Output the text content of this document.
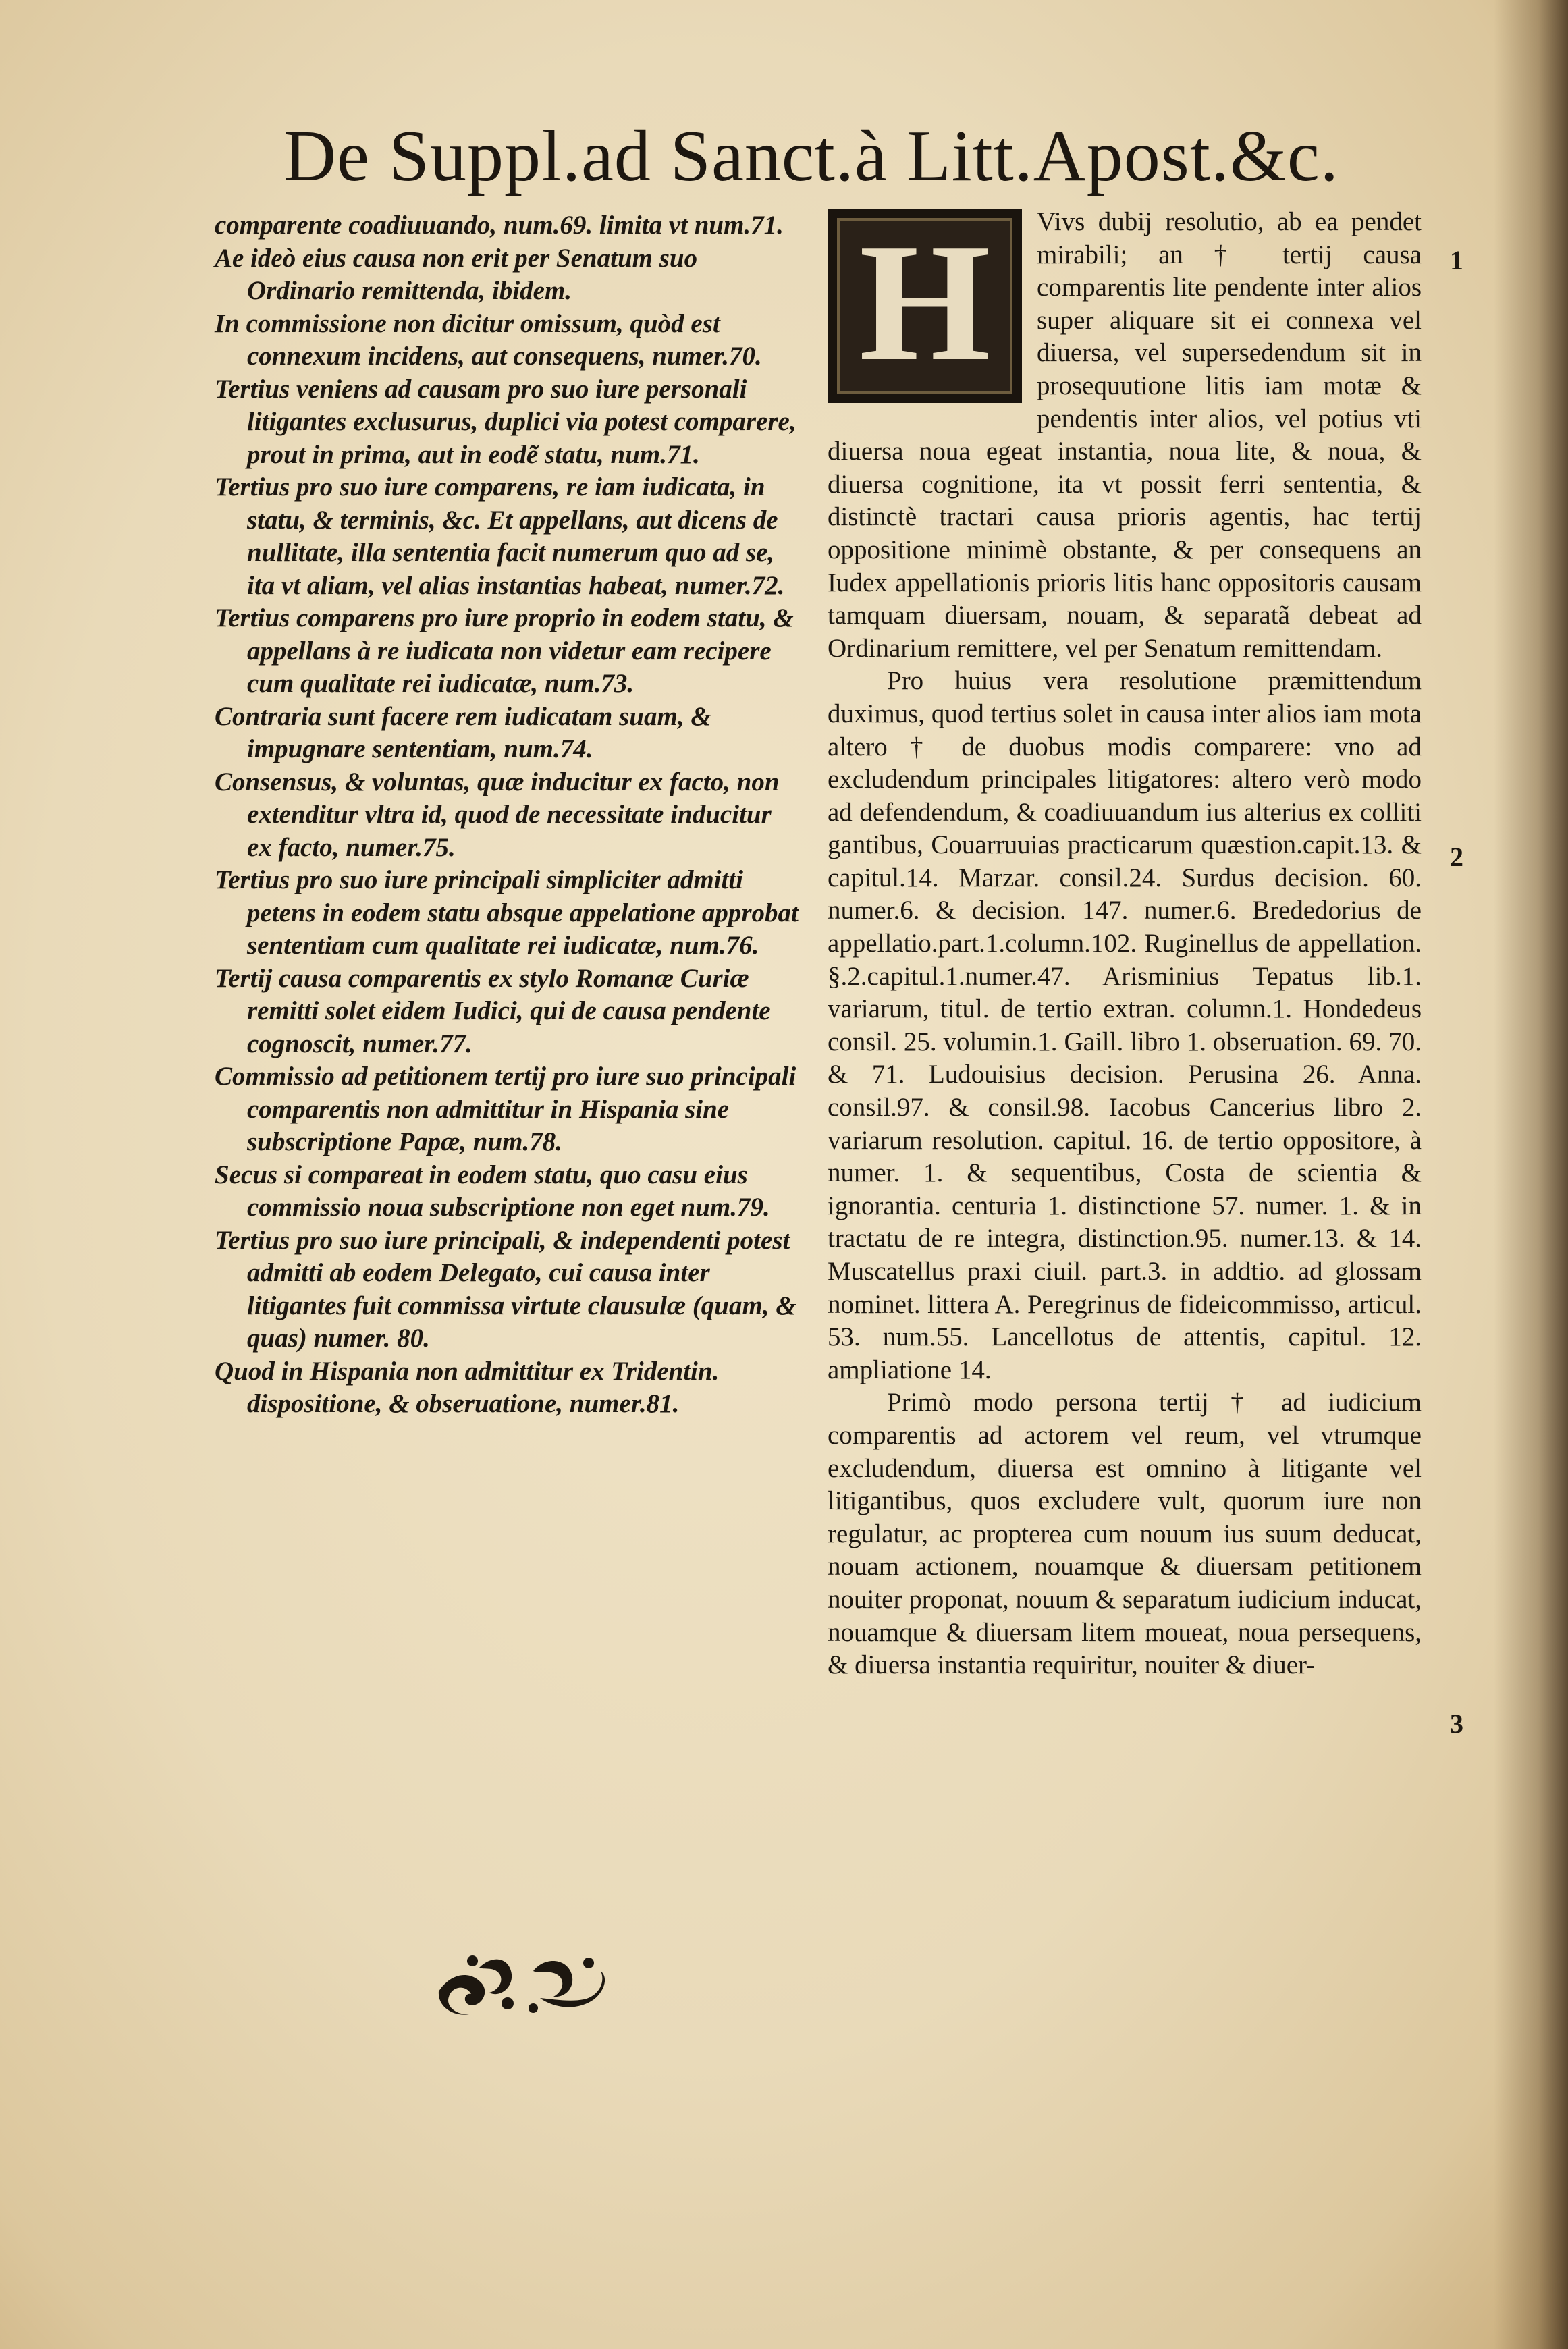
De Suppl.ad Sanct.à Litt.Apost.&c.
comparente coadiuuando, num.69. limita vt num.71.
Ae ideò eius causa non erit per Senatum suo Ordinario remittenda, ibidem.
In commissione non dicitur omissum, quòd est connexum incidens, aut consequens, numer.70.
Tertius veniens ad causam pro suo iure personali litigantes exclusurus, duplici via potest comparere, prout in prima, aut in eodẽ statu, num.71.
Tertius pro suo iure comparens, re iam iudicata, in statu, & terminis, &c. Et appellans, aut dicens de nullitate, illa sententia facit numerum quo ad se, ita vt aliam, vel alias instantias habeat, numer.72.
Tertius comparens pro iure proprio in eodem statu, & appellans à re iudicata non videtur eam recipere cum qualitate rei iudicatæ, num.73.
Contraria sunt facere rem iudicatam suam, & impugnare sententiam, num.74.
Consensus, & voluntas, quæ inducitur ex facto, non extenditur vltra id, quod de necessitate inducitur ex facto, numer.75.
Tertius pro suo iure principali simpliciter admitti petens in eodem statu absque appelatione approbat sententiam cum qualitate rei iudicatæ, num.76.
Tertij causa comparentis ex stylo Romanæ Curiæ remitti solet eidem Iudici, qui de causa pendente cognoscit, numer.77.
Commissio ad petitionem tertij pro iure suo principali comparentis non admittitur in Hispania sine subscriptione Papæ, num.78.
Secus si compareat in eodem statu, quo casu eius commissio noua subscriptione non eget num.79.
Tertius pro suo iure principali, & independenti potest admitti ab eodem Delegato, cui causa inter litigantes fuit commissa virtute clausulæ (quam, & quas) numer. 80.
Quod in Hispania non admittitur ex Tridentin. dispositione, & obseruatione, numer.81.
H	Vivs dubij resolutio, ab ea pendet mirabili; an † tertij causa comparentis lite pendente inter alios super aliquare sit ei connexa vel diuersa, vel supersedendum sit in prosequutione litis iam motæ & pendentis inter alios, vel potius vti diuersa noua egeat instantia, noua lite, & noua, & diuersa cognitione, ita vt possit ferri sententia, & distinctè tractari causa prioris agentis, hac tertij oppositione minimè obstante, & per consequens an Iudex appellationis prioris litis hanc oppositoris causam tamquam diuersam, nouam, & separatã debeat ad Ordinarium remittere, vel per Senatum remittendam.

Pro huius vera resolutione præmittendum duximus, quod tertius solet in causa inter alios iam mota altero † de duobus modis comparere: vno ad excludendum principales litigatores: altero verò modo ad defendendum, & coadiuuandum ius alterius ex colliti gantibus, Couarruuias practicarum quæstion.capit.13. & capitul.14. Marzar. consil.24. Surdus decision. 60. numer.6. & decision. 147. numer.6. Brededorius de appellatio.part.1.column.102. Ruginellus de appellation. §.2.capitul.1.numer.47. Arisminius Tepatus lib.1. variarum, titul. de tertio extran. column.1. Hondedeus consil. 25. volumin.1. Gaill. libro 1. obseruation. 69. 70. & 71. Ludouisius decision. Perusina 26. Anna. consil.97. & consil.98. Iacobus Cancerius libro 2. variarum resolution. capitul. 16. de tertio oppositore, à numer. 1. & sequentibus, Costa de scientia & ignorantia. centuria 1. distinctione 57. numer. 1. & in tractatu de re integra, distinction.95. numer.13. & 14. Muscatellus praxi ciuil. part.3. in addtio. ad glossam nominet. littera A. Peregrinus de fideicommisso, articul. 53. num.55. Lancellotus de attentis, capitul. 12. ampliatione 14.

Primò modo persona tertij † ad iudicium comparentis ad actorem vel reum, vel vtrumque excludendum, diuersa est omnino à litigante vel litigantibus, quos excludere vult, quorum iure non regulatur, ac propterea cum nouum ius suum deducat, nouam actionem, nouamque & diuersam petitionem nouiter proponat, nouum & separatum iudicium inducat, nouamque & diuersam litem moueat, noua persequens, & diuersa instantia requiritur, nouiter & diuer-

1
2
3
